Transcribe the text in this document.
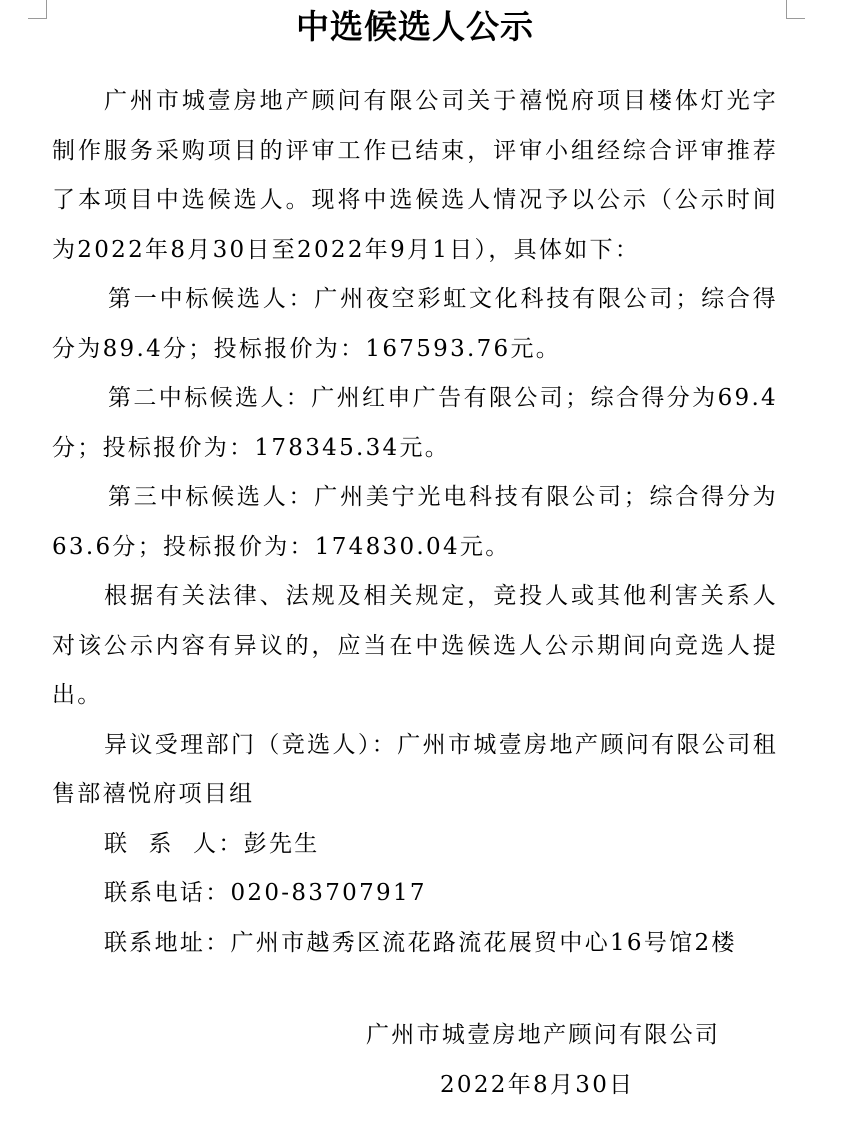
中选候选人公示

广州市城壹房地产顾问有限公司关于禧悦府项目楼体灯光字制作服务采购项目的评审工作已结束，评审小组经综合评审推荐了本项目中选候选人。现将中选候选人情况予以公示（公示时间为2022年8月30日至2022年9月1日），具体如下：

第一中标候选人：广州夜空彩虹文化科技有限公司；综合得分为89.4分；投标报价为：167593.76元。

第二中标候选人：广州红申广告有限公司；综合得分为69.4分；投标报价为：178345.34元。

第三中标候选人：广州美宁光电科技有限公司；综合得分为63.6分；投标报价为：174830.04元。

根据有关法律、法规及相关规定，竞投人或其他利害关系人对该公示内容有异议的，应当在中选候选人公示期间向竞选人提出。

异议受理部门（竞选人）：广州市城壹房地产顾问有限公司租售部禧悦府项目组

联  系  人：彭先生

联系电话：020-83707917

联系地址：广州市越秀区流花路流花展贸中心16号馆2楼

广州市城壹房地产顾问有限公司

2022年8月30日
